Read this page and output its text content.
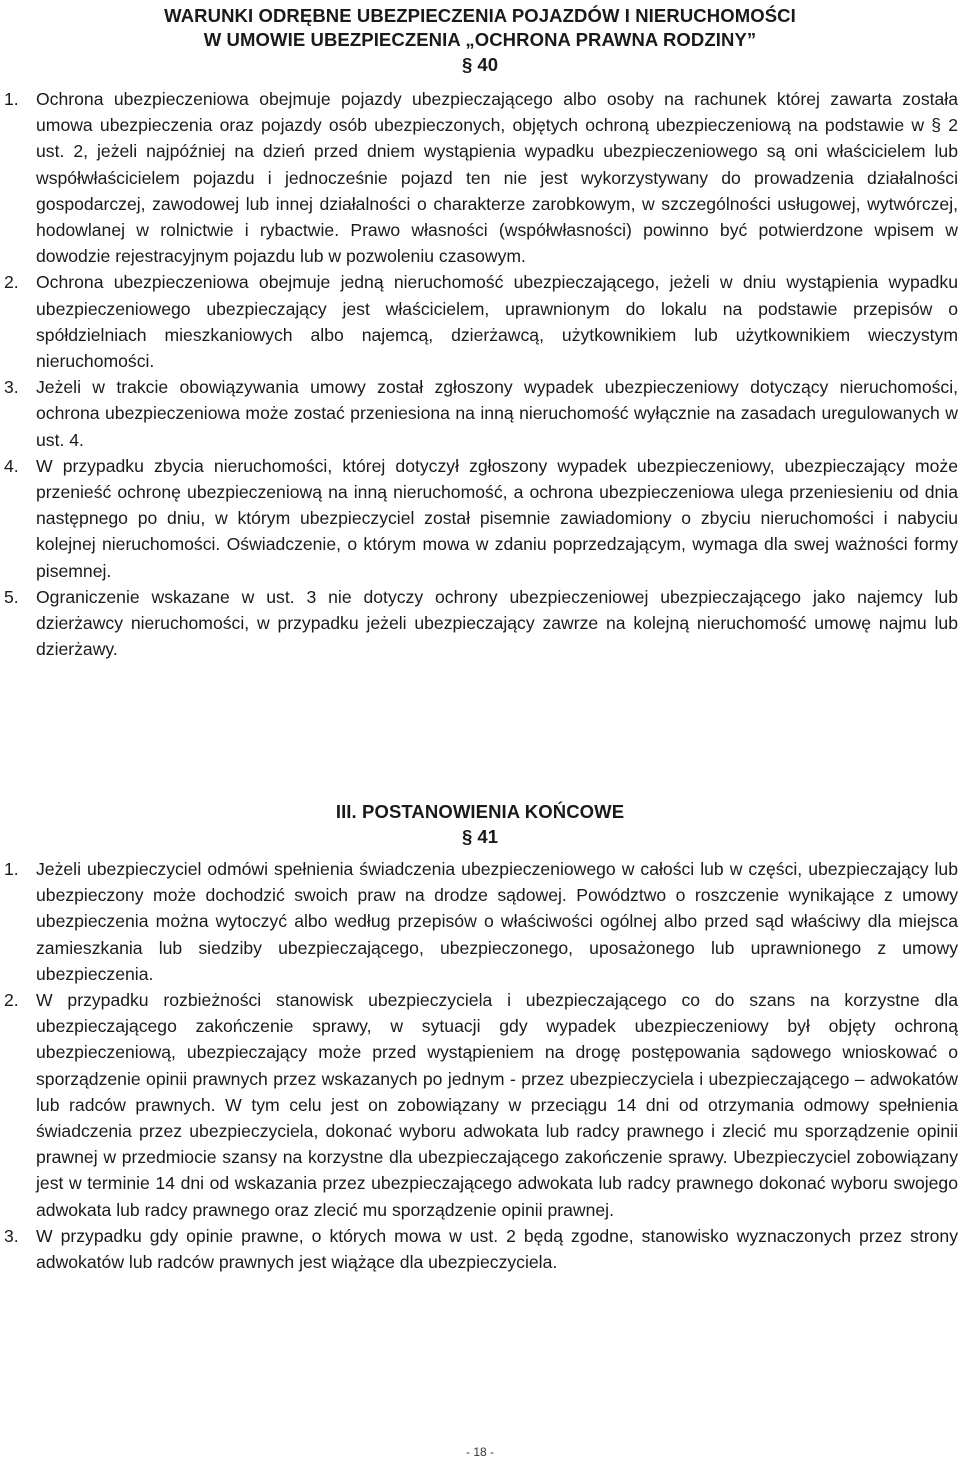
WARUNKI ODRĘBNE UBEZPIECZENIA POJAZDÓW I NIERUCHOMOŚCI
W UMOWIE UBEZPIECZENIA „OCHRONA PRAWNA RODZINY”
§ 40
1. Ochrona ubezpieczeniowa obejmuje pojazdy ubezpieczającego albo osoby na rachunek której zawarta została umowa ubezpieczenia oraz pojazdy osób ubezpieczonych, objętych ochroną ubezpieczeniową na podstawie w § 2 ust. 2, jeżeli najpóźniej na dzień przed dniem wystąpienia wypadku ubezpieczeniowego są oni właścicielem lub współwłaścicielem pojazdu i jednocześnie pojazd ten nie jest wykorzystywany do prowadzenia działalności gospodarczej, zawodowej lub innej działalności o charakterze zarobkowym, w szczególności usługowej, wytwórczej, hodowlanej w rolnictwie i rybactwie. Prawo własności (współwłasności) powinno być potwierdzone wpisem w dowodzie rejestracyjnym pojazdu lub w pozwoleniu czasowym.
2. Ochrona ubezpieczeniowa obejmuje jedną nieruchomość ubezpieczającego, jeżeli w dniu wystąpienia wypadku ubezpieczeniowego ubezpieczający jest właścicielem, uprawnionym do lokalu na podstawie przepisów o spółdzielniach mieszkaniowych albo najemcą, dzierżawcą, użytkownikiem lub użytkownikiem wieczystym nieruchomości.
3. Jeżeli w trakcie obowiązywania umowy został zgłoszony wypadek ubezpieczeniowy dotyczący nieruchomości, ochrona ubezpieczeniowa może zostać przeniesiona na inną nieruchomość wyłącznie na zasadach uregulowanych w ust. 4.
4. W przypadku zbycia nieruchomości, której dotyczył zgłoszony wypadek ubezpieczeniowy, ubezpieczający może przenieść ochronę ubezpieczeniową na inną nieruchomość, a ochrona ubezpieczeniowa ulega przeniesieniu od dnia następnego po dniu, w którym ubezpieczyciel został pisemnie zawiadomiony o zbyciu nieruchomości i nabyciu kolejnej nieruchomości. Oświadczenie, o którym mowa w zdaniu poprzedzającym, wymaga dla swej ważności formy pisemnej.
5. Ograniczenie wskazane w ust. 3 nie dotyczy ochrony ubezpieczeniowej ubezpieczającego jako najemcy lub dzierżawcy nieruchomości, w przypadku jeżeli ubezpieczający zawrze na kolejną nieruchomość umowę najmu lub dzierżawy.
III. POSTANOWIENIA KOŃCOWE
§ 41
1. Jeżeli ubezpieczyciel odmówi spełnienia świadczenia ubezpieczeniowego w całości lub w części, ubezpieczający lub ubezpieczony może dochodzić swoich praw na drodze sądowej. Powództwo o roszczenie wynikające z umowy ubezpieczenia można wytoczyć albo według przepisów o właściwości ogólnej albo przed sąd właściwy dla miejsca zamieszkania lub siedziby ubezpieczającego, ubezpieczonego, uposażonego lub uprawnionego z umowy ubezpieczenia.
2. W przypadku rozbieżności stanowisk ubezpieczyciela i ubezpieczającego co do szans na korzystne dla ubezpieczającego zakończenie sprawy, w sytuacji gdy wypadek ubezpieczeniowy był objęty ochroną ubezpieczeniową, ubezpieczający może przed wystąpieniem na drogę postępowania sądowego wnioskować o sporządzenie opinii prawnych przez wskazanych po jednym - przez ubezpieczyciela i ubezpieczającego – adwokatów lub radców prawnych. W tym celu jest on zobowiązany w przeciągu 14 dni od otrzymania odmowy spełnienia świadczenia przez ubezpieczyciela, dokonać wyboru adwokata lub radcy prawnego i zlecić mu sporządzenie opinii prawnej w przedmiocie szansy na korzystne dla ubezpieczającego zakończenie sprawy. Ubezpieczyciel zobowiązany jest w terminie 14 dni od wskazania przez ubezpieczającego adwokata lub radcy prawnego dokonać wyboru swojego adwokata lub radcy prawnego oraz zlecić mu sporządzenie opinii prawnej.
3. W przypadku gdy opinie prawne, o których mowa w ust. 2 będą zgodne, stanowisko wyznaczonych przez strony adwokatów lub radców prawnych jest wiążące dla ubezpieczyciela.
- 18 -
